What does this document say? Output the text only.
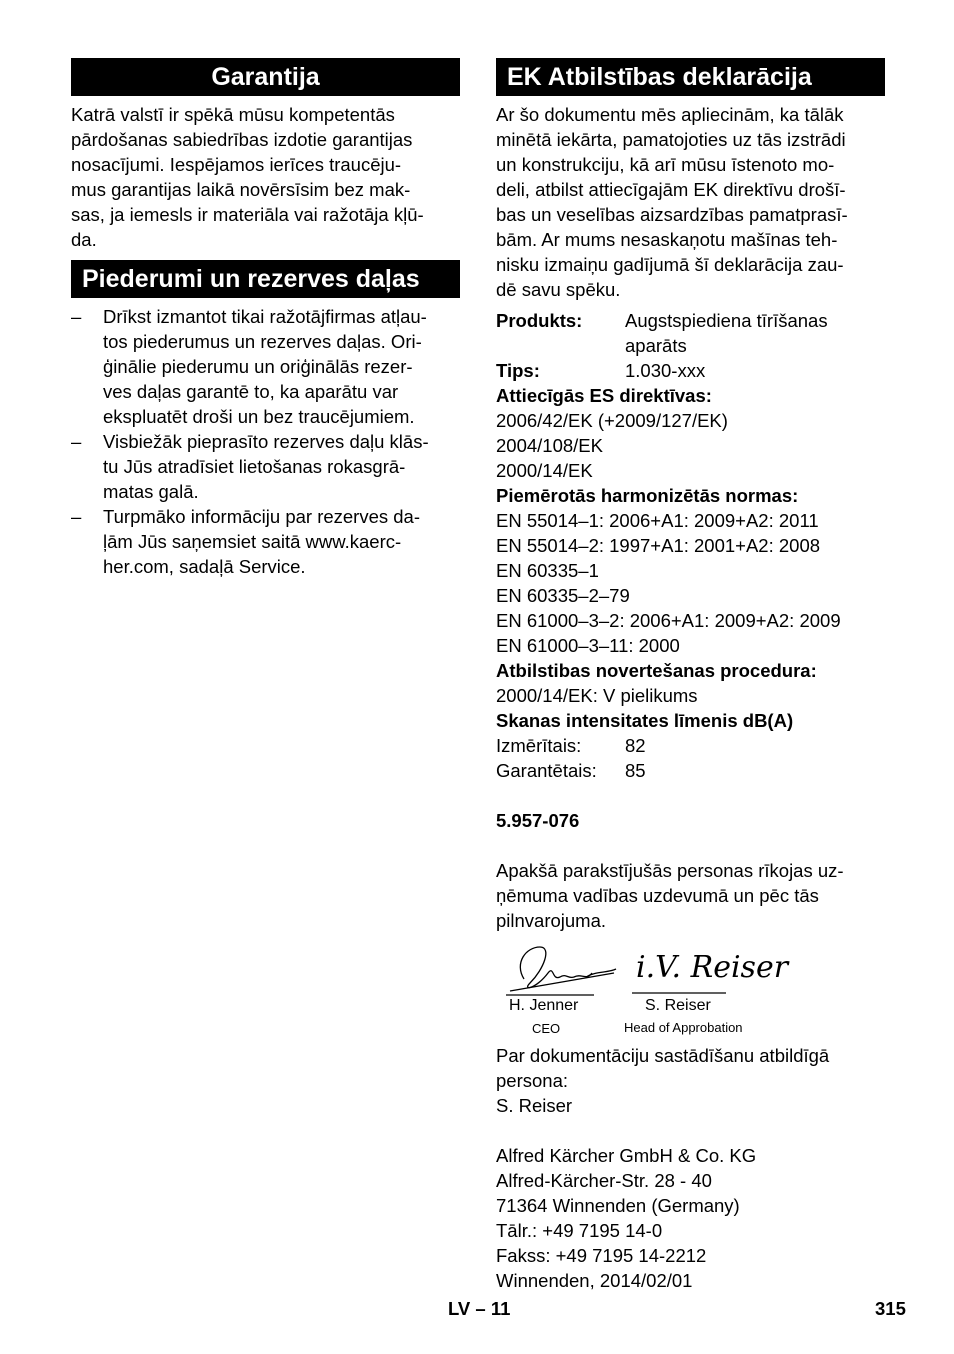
Garantija
Katrā valstī ir spēkā mūsu kompetentās
pārdošanas sabiedrības izdotie garantijas
nosacījumi. Iespējamos ierīces traucēju-
mus garantijas laikā novērsīsim bez mak-
sas, ja iemesls ir materiāla vai ražotāja kļū-
da.
Piederumi un rezerves daļas
– Drīkst izmantot tikai ražotājfirmas atļau-
tos piederumus un rezerves daļas. Ori-
ģinālie piederumu un oriģinālās rezer-
ves daļas garantē to, ka aparātu var
ekspluatēt droši un bez traucējumiem.
– Visbiežāk pieprasīto rezerves daļu klās-
tu Jūs atradīsiet lietošanas rokasgrā-
matas galā.
– Turpmāko informāciju par rezerves da-
ļām Jūs saņemsiet saitā www.kaerc-
her.com, sadaļā Service.
EK Atbilstības deklarācija
Ar šo dokumentu mēs apliecinām, ka tālāk
minētā iekārta, pamatojoties uz tās izstrādi
un konstrukciju, kā arī mūsu īstenoto mo-
deli, atbilst attiecīgajām EK direktīvu drošī-
bas un veselības aizsardzības pamatprasī-
bām. Ar mums nesaskaņotu mašīnas teh-
nisku izmaiņu gadījumā šī deklarācija zau-
dē savu spēku.
Produkts:	Augstspiediena tīrīšanas
aparāts
Tips:	1.030-xxx
Attiecīgās ES direktīvas:
2006/42/EK (+2009/127/EK)
2004/108/EK
2000/14/EK
Piemērotās harmonizētās normas:
EN 55014–1: 2006+A1: 2009+A2: 2011
EN 55014–2: 1997+A1: 2001+A2: 2008
EN 60335–1
EN 60335–2–79
EN 61000–3–2: 2006+A1: 2009+A2: 2009
EN 61000–3–11: 2000
Atbilstibas novertešanas procedura:
2000/14/EK: V pielikums
Skanas intensitates līmenis dB(A)
Izmērītais:	82
Garantētais:	85
5.957-076
Apakšā parakstījušās personas rīkojas uz-
ņēmuma vadības uzdevumā un pēc tās
pilnvarojuma.
i.V. Reiser
H. Jenner
CEO
S. Reiser
Head of Approbation
Par dokumentāciju sastādīšanu atbildīgā
persona:
S. Reiser
Alfred Kärcher GmbH & Co. KG
Alfred-Kärcher-Str. 28 - 40
71364 Winnenden (Germany)
Tālr.: +49 7195 14-0
Fakss: +49 7195 14-2212
Winnenden, 2014/02/01
LV – 11	315
